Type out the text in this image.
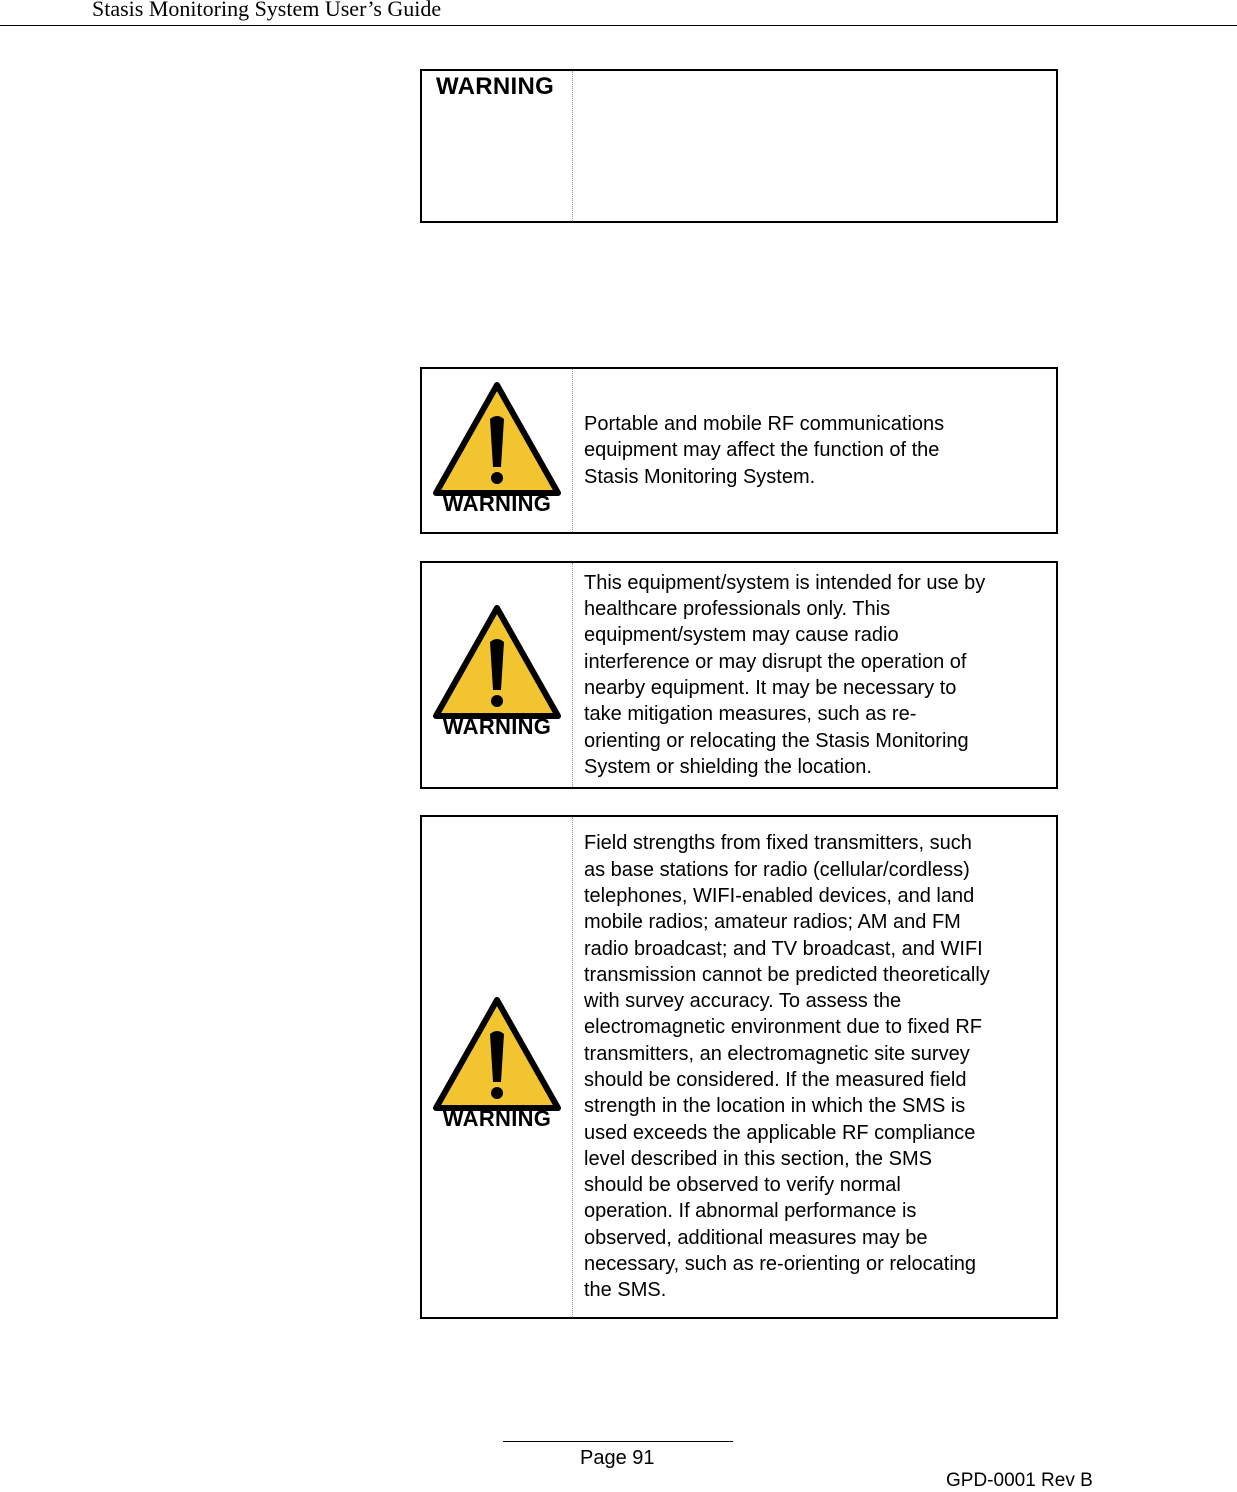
Stasis Monitoring System User’s Guide
WARNING

WARNING

Portable and mobile RF communications
equipment may affect the function of the
Stasis Monitoring System.

WARNING

This equipment/system is intended for use by
healthcare professionals only. This
equipment/system may cause radio
interference or may disrupt the operation of
nearby equipment. It may be necessary to
take mitigation measures, such as re-
orienting or relocating the Stasis Monitoring
System or shielding the location.

WARNING

Field strengths from fixed transmitters, such
as base stations for radio (cellular/cordless)
telephones, WIFI-enabled devices, and land
mobile radios; amateur radios; AM and FM
radio broadcast; and TV broadcast, and WIFI
transmission cannot be predicted theoretically
with survey accuracy. To assess the
electromagnetic environment due to fixed RF
transmitters, an electromagnetic site survey
should be considered. If the measured field
strength in the location in which the SMS is
used exceeds the applicable RF compliance
level described in this section, the SMS
should be observed to verify normal
operation. If abnormal performance is
observed, additional measures may be
necessary, such as re-orienting or relocating
the SMS.

Page 91
GPD-0001 Rev B
